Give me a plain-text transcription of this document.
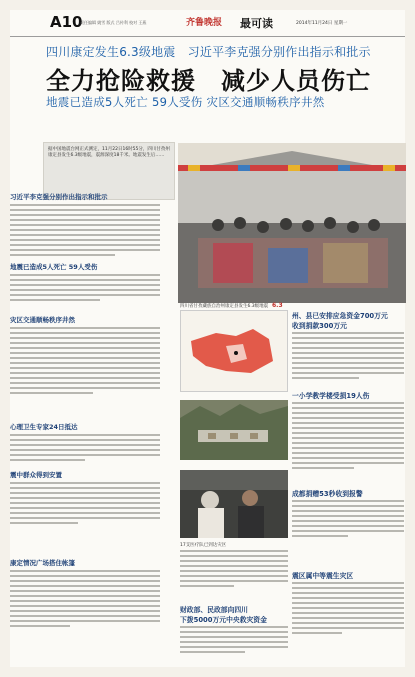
A10
责任编辑 姚雪 版式 吕传利 校对 王燕	齐鲁晚报 最可读	2014年11月24日 星期一
四川康定发生6.3级地震　习近平李克强分别作出指示和批示
全力抢险救援　减少人员伤亡
地震已造成5人死亡 59人受伤 灾区交通顺畅秩序井然
据中国地震台网正式测定，11月22日16时55分，四川甘孜州康定县发生6.3级地震，震源深度18千米。地震发生后……
习近平李克强分别作出指示和批示
地震已造成5人死亡 59人受伤
灾区交通顺畅秩序井然
心理卫生专家24日抵达
震中群众得到安置
康定情况广场搭住帐篷
四川省甘孜藏族自治州康定县发生6.3级地震 6.3
17支医疗队已到达灾区
州、县已安排应急资金700万元
收到捐款300万元
一小学教学楼受损19人伤
成都捐赠53秒收到报警
震区属中等震生灾区
财政部、民政部向四川
下拨5000万元中央救灾资金
